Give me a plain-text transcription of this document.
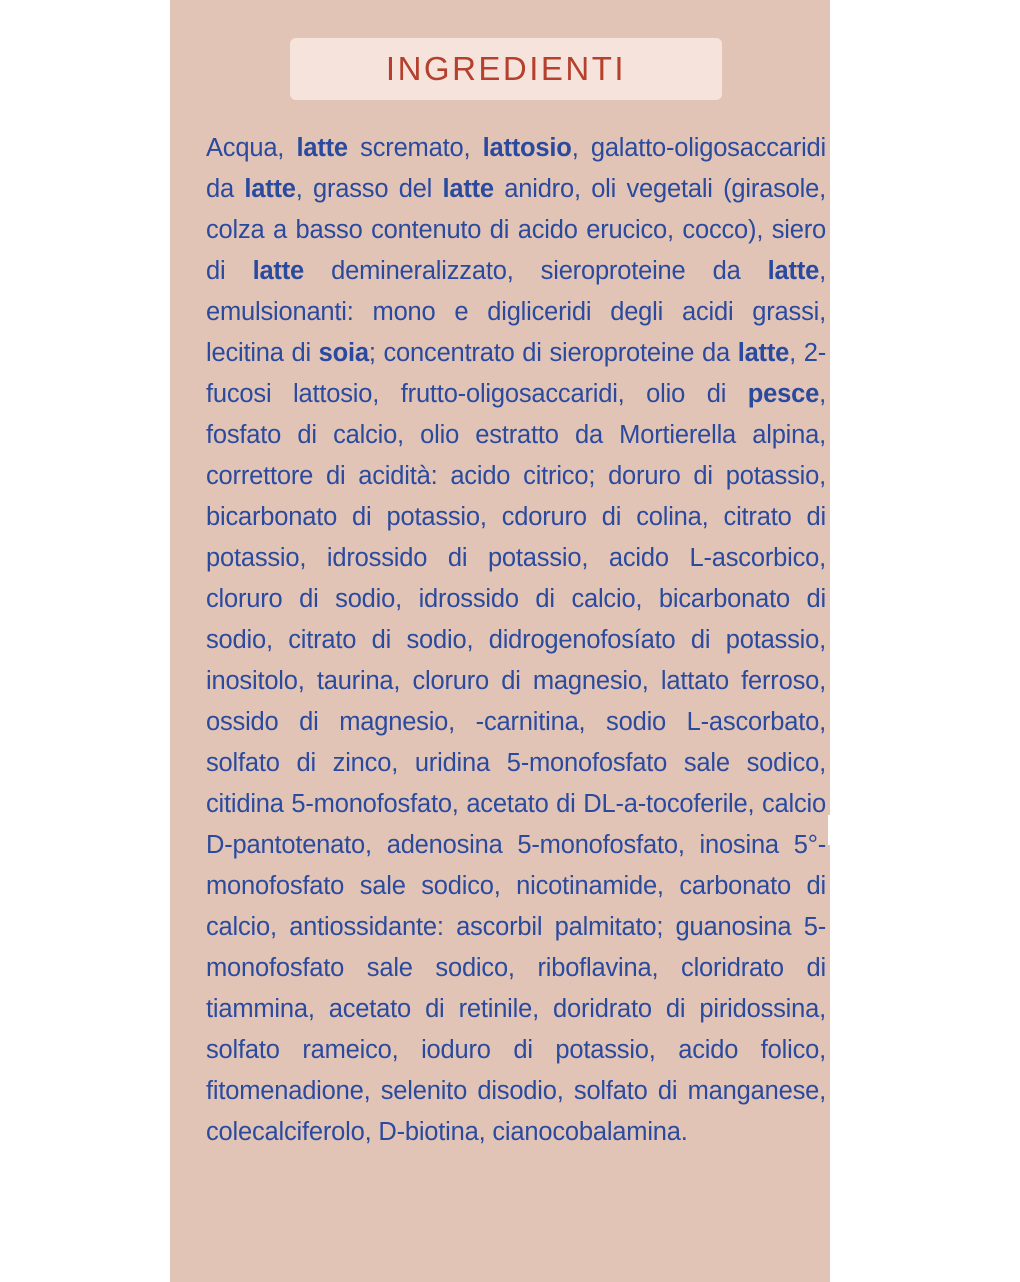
INGREDIENTI
Acqua, latte scremato, lattosio, galatto-oligosaccaridi da latte, grasso del latte anidro, oli vegetali (girasole, colza a basso contenuto di acido erucico, cocco), siero di latte demineralizzato, sieroproteine da latte, emulsionanti: mono e digliceridi degli acidi grassi, lecitina di soia; concentrato di sieroproteine da latte, 2-fucosi lattosio, frutto-oligosaccaridi, olio di pesce, fosfato di calcio, olio estratto da Mortierella alpina, correttore di acidità: acido citrico; doruro di potassio, bicarbonato di potassio, cdoruro di colina, citrato di potassio, idrossido di potassio, acido L-ascorbico, cloruro di sodio, idrossido di calcio, bicarbonato di sodio, citrato di sodio, didrogenofosíato di potassio, inositolo, taurina, cloruro di magnesio, lattato ferroso, ossido di magnesio, -carnitina, sodio L-ascorbato, solfato di zinco, uridina 5-monofosfato sale sodico, citidina 5-monofosfato, acetato di DL-a-tocoferile, calcio D-pantotenato, adenosina 5-monofosfato, inosina 5°- monofosfato sale sodico, nicotinamide, carbonato di calcio, antiossidante: ascorbil palmitato; guanosina 5-monofosfato sale sodico, riboflavina, cloridrato di tiammina, acetato di retinile, doridrato di piridossina, solfato rameico, ioduro di potassio, acido folico, fitomenadione, selenito disodio, solfato di manganese, colecalciferolo, D-biotina, cianocobalamina.
